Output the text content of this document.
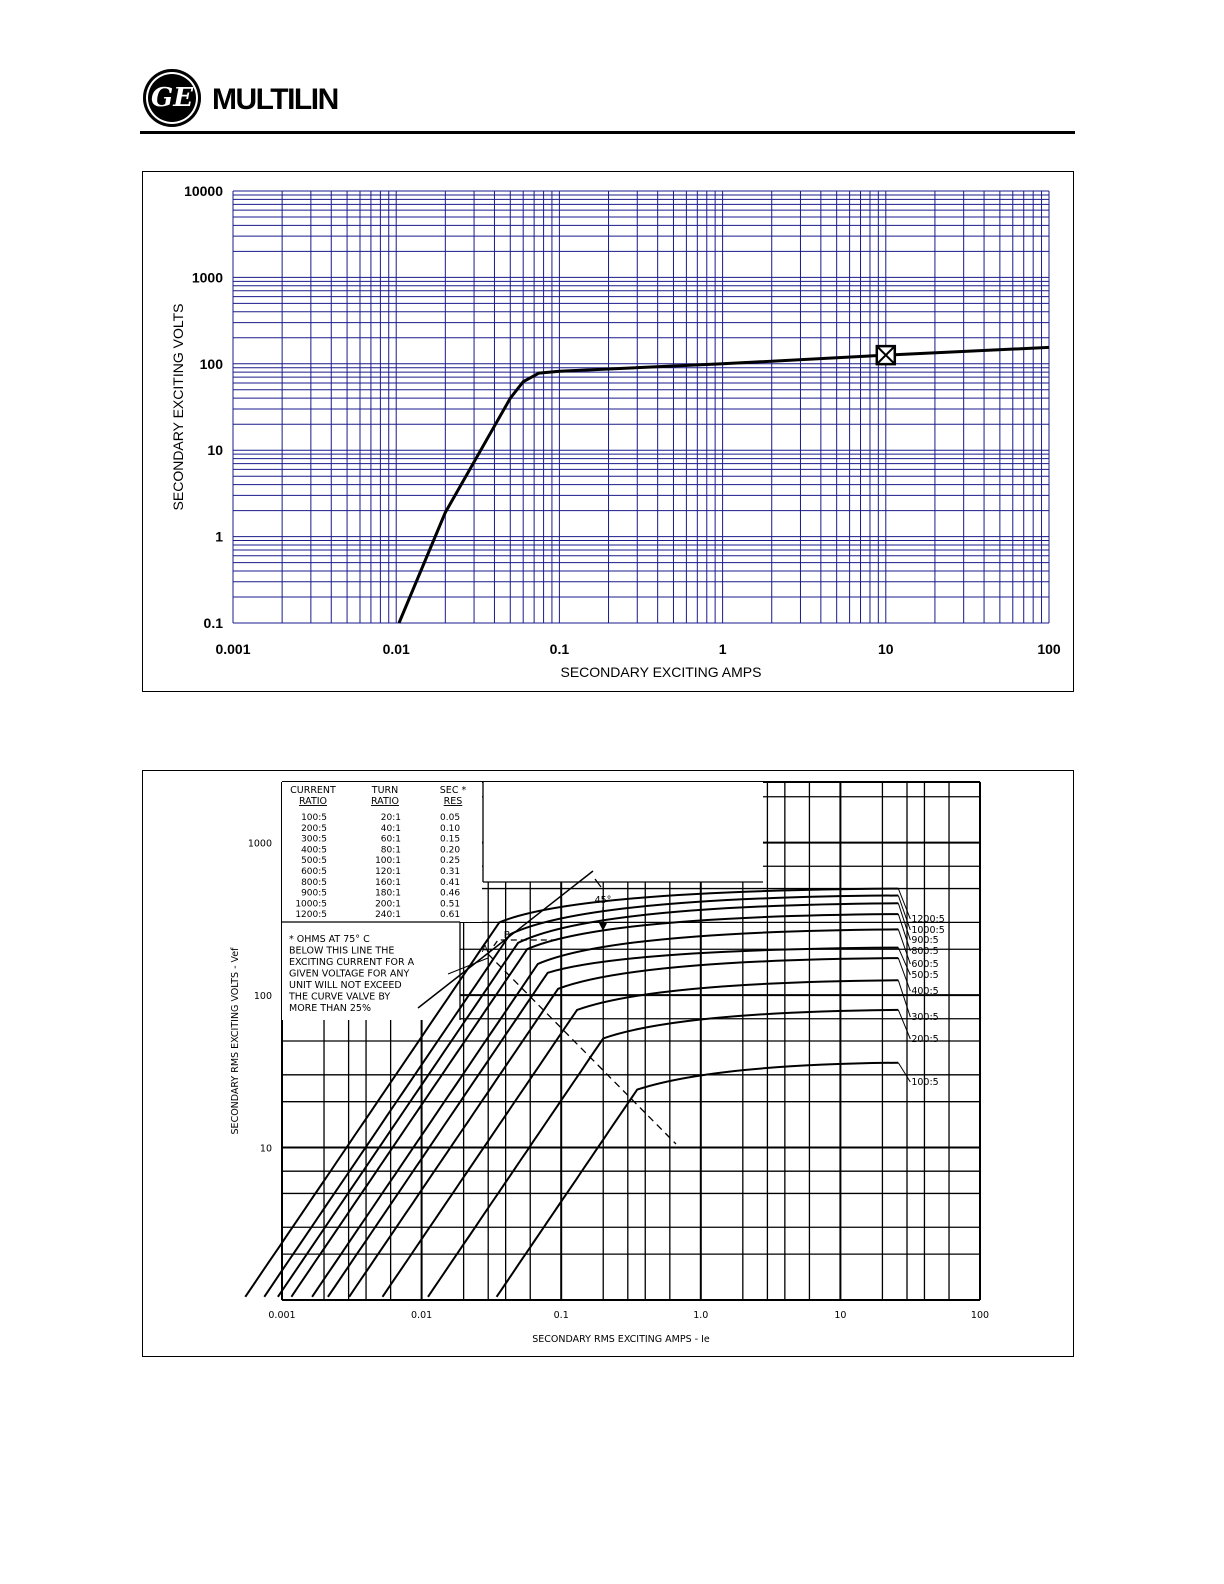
GE MULTILIN
0.001	0.01	0.1	1	10	100
0.1
1
10
100
1000
10000
SECONDARY EXCITING AMPS
SECONDARY EXCITING VOLTS
CURRENT
RATIO
TURN
RATIO
SEC *
RES
100:5	20:1	0.05
200:5	40:1	0.10
300:5	60:1	0.15
400:5	80:1	0.20
500:5	100:1	0.25
600:5	120:1	0.31
800:5	160:1	0.41
900:5	180:1	0.46
1000:5	200:1	0.51
1200:5	240:1	0.61
* OHMS AT 75° C
BELOW THIS LINE THE
EXCITING CURRENT FOR A
GIVEN VOLTAGE FOR ANY
UNIT WILL NOT EXCEED
THE CURVE VALVE BY
MORE THAN 25%
1200:5
1000:5
900:5
800:5
600:5
500:5
400:5
300:5
200:5
100:5
45°
A
B
0.001	0.01	0.1	1.0	10	100
10
100
1000
SECONDARY RMS EXCITING AMPS - Ie
SECONDARY RMS EXCITING VOLTS - Vef
